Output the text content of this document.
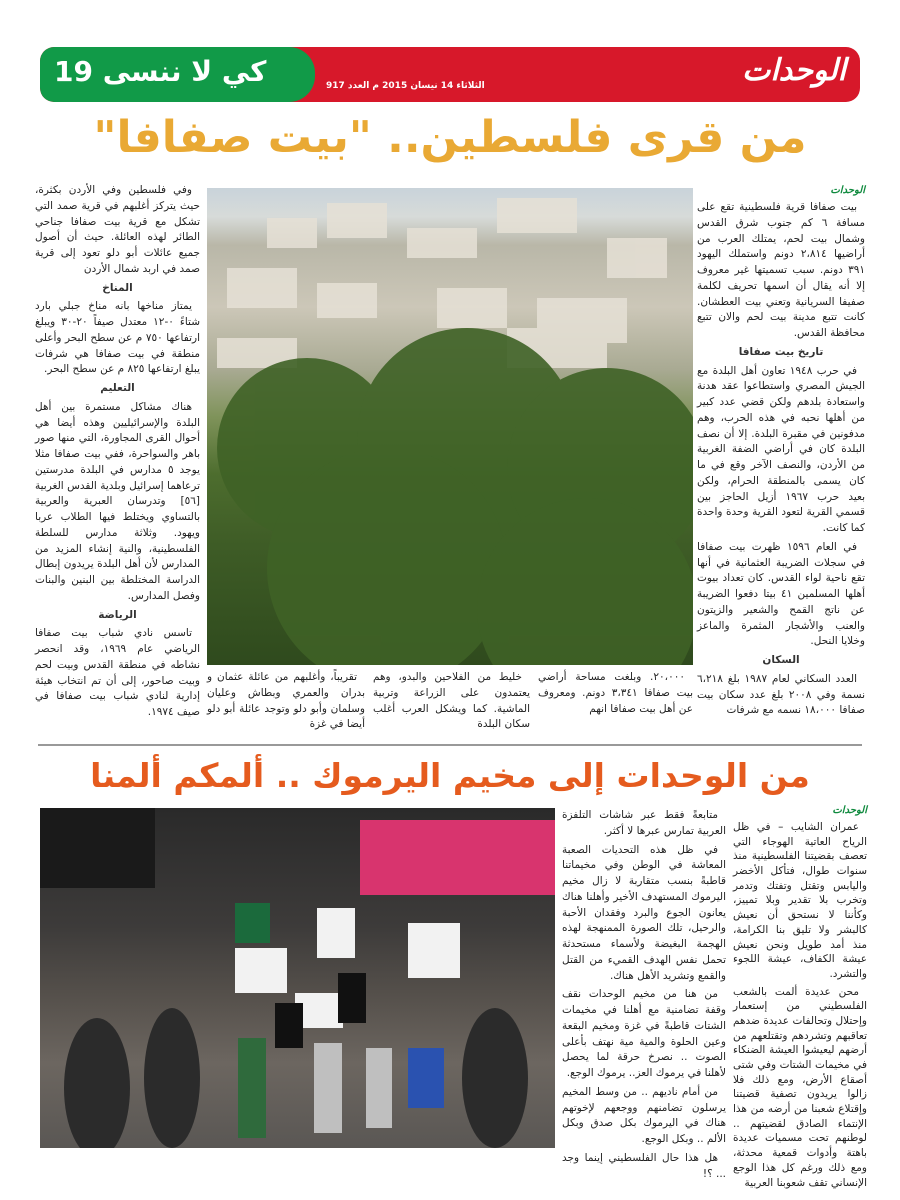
كي لا ننسى 19	الثلاثاء 14 نيسان 2015 م العدد 917	الوحدات
من قرى فلسطين.. "بيت صفافا"
الوحدات

بيت صفافا قرية فلسطينية تقع على مسافة ٦ كم جنوب شرق القدس وشمال بيت لحم، يمتلك العرب من أراضيها ٢،٨١٤ دونم واستملك اليهود ٣٩١ دونم. سبب تسميتها غير معروف إلا أنه يقال أن اسمها تحريف لكلمة صفيفا السريانية وتعني بيت العطشان. كانت تتبع مدينة بيت لحم والان تتبع محافظة القدس.

تاريخ بيت صفافا

في حرب ١٩٤٨ تعاون أهل البلدة مع الجيش المصري واستطاعوا عقد هدنة واستعادة بلدهم ولكن قضي عدد كبير من أهلها نحبه في هذه الحرب، وهم مدفونين في مقبرة البلدة. إلا أن نصف البلدة كان في أراضي الضفة الغربية من الأردن، والنصف الآخر وقع في ما كان يسمى بالمنطقة الحرام، ولكن بعيد حرب ١٩٦٧ أزيل الحاجز بين قسمي القرية لتعود القرية وحدة واحدة كما كانت.

في العام ١٥٩٦ ظهرت بيت صفافا في سجلات الضريبة العثمانية في أنها تقع ناحية لواء القدس. كان تعداد بيوت أهلها المسلمين ٤١ بيتا دفعوا الضريبة عن ناتج القمح والشعير والزيتون والعنب والأشجار المثمرة والماعز وخلايا النحل.

السكان

العدد السكاني لعام ١٩٨٧ بلغ ٦،٢١٨ نسمة وفي ٢٠٠٨ بلغ عدد سكان بيت صفافا ١٨،٠٠٠ نسمه مع شرفات

٢٠،٠٠٠. وبلغت مساحة أراضي بيت صفافا ٣،٣٤١ دونم. ومعروف عن أهل بيت صفافا انهم

خليط من الفلاحين والبدو، وهم يعتمدون على الزراعة وتربية الماشية. كما ويشكل العرب أغلب سكان البلدة

تقريباً، وأغلبهم من عائلة عثمان و بدران والعمري وبطاش وعليان وسلمان وأبو دلو وتوجد عائلة أبو دلو أيضا في غزة

وفي فلسطين وفي الأردن بكثرة، حيث يتركز أغلبهم في قرية صمد التي تشكل مع قرية بيت صفافا جناحي الطائر لهذه العائلة. حيث أن أصول جميع عائلات أبو دلو تعود إلى قرية صمد في اربد شمال الأردن

المناخ

يمتاز مناخها بانه مناخ جبلي بارد شتاءً ٠-١٢ معتدل صيفاً ٢٠-٣٠ ويبلغ ارتفاعها ٧٥٠ م عن سطح البحر وأعلى منطقة في بيت صفافا هي شرفات يبلغ ارتفاعها ٨٢٥ م عن سطح البحر.

التعليم

هناك مشاكل مستمرة بين أهل البلدة والإسرائيليين وهذه أيضا هي أحوال القرى المجاورة، التي منها صور باهر والسواحرة، ففي بيت صفافا مثلا يوجد ٥ مدارس في البلدة مدرستين ترعاهما إسرائيل وبلدية القدس الغربية [٥٦] وتدرسان العبرية والعربية بالتساوي ويختلط فيها الطلاب عربا ويهود. وثلاثة مدارس للسلطة الفلسطينية، والنية إنشاء المزيد من المدارس لأن أهل البلدة يريدون إبطال الدراسة المختلطة بين البنين والبنات وفصل المدارس.

الرياضة

تاسس نادي شباب بيت صفافا الرياضي عام ١٩٦٩، وقد انحصر نشاطه في منطقة القدس وبيت لحم وبيت صاحور، إلى أن تم انتخاب هيئة إدارية لنادي شباب بيت صفافا في صيف ١٩٧٤.

من الوحدات إلى مخيم اليرموك .. ألمكم ألمنا
الوحدات

عمران الشايب – في ظل الرياح العاتية الهوجاء التي تعصف بقضيتنا الفلسطينية منذ سنوات طوال، فتأكل الأخضر واليابس وتقتل وتفتك وتدمر وتخرب بلا تقدير وبلا تمييز، وكأننا لا نستحق أن نعيش كالبشر ولا تليق بنا الكرامة، منذ أمد طويل ونحن نعيش عيشة الكفاف، عيشة اللجوء والتشرد.

محن عديدة ألمت بالشعب الفلسطيني من إستعمار وإحتلال وتحالفات عديدة ضدهم تعاقبهم وتشردهم وتقتلعهم من أرضهم ليعيشوا العيشة الضنكاء في مخيمات الشتات وفي شتى أصقاع الأرض، ومع ذلك فلا زالوا يريدون تصفية قضيتنا وإقتلاع شعبنا من أرضه من هذا الإنتماء الصادق لقضيتهم .. لوطنهم تحت مسميات عديدة باهتة وأدوات قمعية محدثة، ومع ذلك ورغم كل هذا الوجع الإنساني تقف شعوبنا العربية

متابعةً فقط عبر شاشات التلفزة العربية تمارس عبرها لا أكثر.

في ظل هذه التحديات الصعبة المعاشة في الوطن وفي مخيماتنا قاطبةً بنسب متقاربة لا زال مخيم اليرموك المستهدف الأخير وأهلنا هناك يعانون الجوع والبرد وفقدان الأحبة والرحيل، تلك الصورة الممنهجة لهذه الهجمة البغيضة ولأسماء مستحدثة تحمل نفس الهدف القميء من القتل والقمع وتشريد الأهل هناك.

من هنا من مخيم الوحدات نقف وقفة تضامنية مع أهلنا في مخيمات الشتات قاطبةً في غزة ومخيم البقعة وعين الحلوة والمية مية نهتف بأعلى الصوت .. نصرخ حرقة لما يحصل لأهلنا في يرموك العز.. يرموك الوجع.

من أمام ناديهم .. من وسط المخيم يرسلون تضامنهم ووجعهم لإخوتهم هناك في اليرموك بكل صدق وبكل الألم .. وبكل الوجع.

هل هذا حال الفلسطيني إينما وجد ... ؟!
